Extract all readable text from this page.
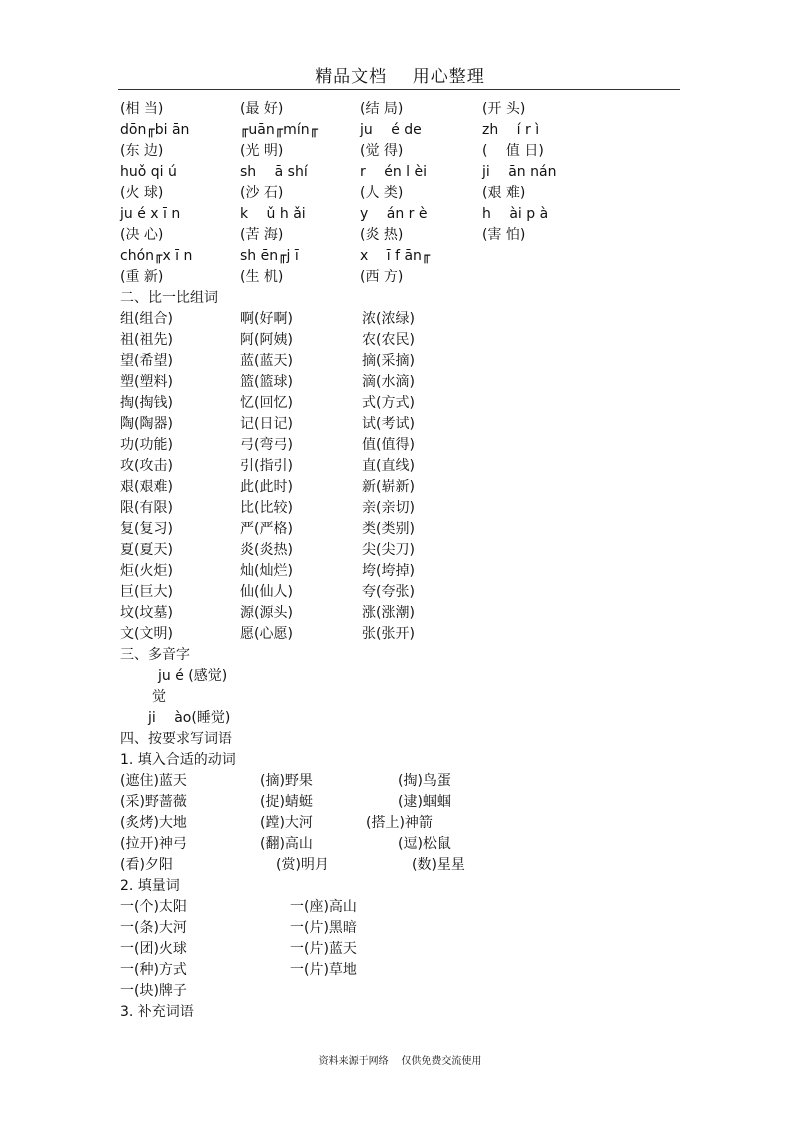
精品文档    用心整理
(相 当)	(最 好)	(结 局)	(开 头)
dōn╓bi ān	╓uān╓mín╓	ju　 é de	zh　 í r ì
(东 边)	(光 明)	(觉 得)	(　 值 日)
huǒ qi ú	sh　 ā shí	r　 én l èi	ji　 ān nán
(火 球)	(沙 石)	(人 类)	(艰 难)
ju é x ī n	k　 ǔ h ǎi	y　 án r è	h　 ài p à
(决 心)	(苦 海)	(炎 热)	(害 怕)
chón╓x ī n	sh ēn╓j ī	x　 ī f ān╓
(重 新)	(生 机)	(西 方)
二、比一比组词
组(组合)	啊(好啊)	浓(浓绿)
祖(祖先)	阿(阿姨)	农(农民)
望(希望)	蓝(蓝天)	摘(采摘)
塑(塑料)	篮(篮球)	滴(水滴)
掏(掏钱)	忆(回忆)	式(方式)
陶(陶器)	记(日记)	试(考试)
功(功能)	弓(弯弓)	值(值得)
攻(攻击)	引(指引)	直(直线)
艰(艰难)	此(此时)	新(崭新)
限(有限)	比(比较)	亲(亲切)
复(复习)	严(严格)	类(类别)
夏(夏天)	炎(炎热)	尖(尖刀)
炬(火炬)	灿(灿烂)	垮(垮掉)
巨(巨大)	仙(仙人)	夸(夸张)
坟(坟墓)	源(源头)	涨(涨潮)
文(文明)	愿(心愿)	张(张开)
三、多音字
ju é (感觉)
觉
ji　 ào(睡觉)
四、按要求写词语
1. 填入合适的动词
(遮住)蓝天	(摘)野果	(掏)鸟蛋
(采)野蔷薇	(捉)蜻蜓	(逮)蝈蝈
(炙烤)大地	(蹚)大河	(搭上)神箭
(拉开)神弓	(翻)高山	(逗)松鼠
(看)夕阳	(赏)明月	(数)星星
2. 填量词
一(个)太阳	一(座)高山
一(条)大河	一(片)黑暗
一(团)火球	一(片)蓝天
一(种)方式	一(片)草地
一(块)牌子
3. 补充词语
资料来源于网络    仅供免费交流使用
